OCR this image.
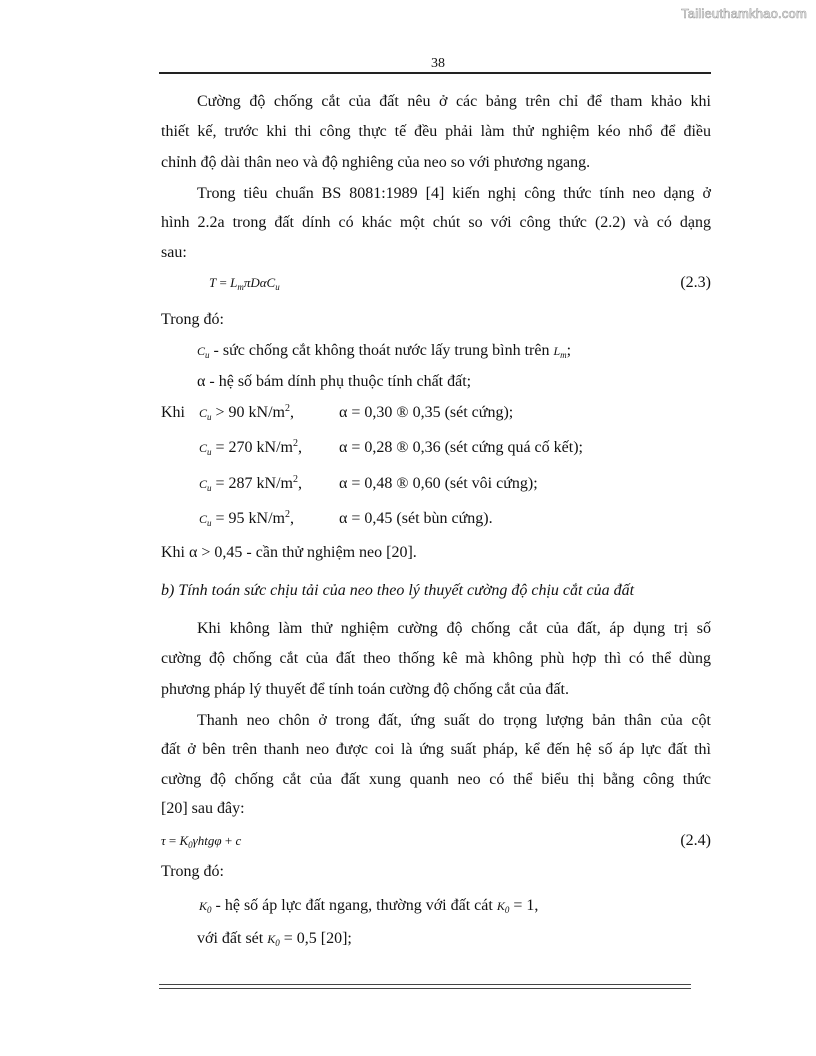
Tailieuthamkhao.com
38
Cường độ chống cắt của đất nêu ở các bảng trên chỉ để tham khảo khi
thiết kế, trước khi thi công thực tế đều phải làm thử nghiệm kéo nhổ để điều
chỉnh độ dài thân neo và độ nghiêng của neo so với phương ngang.
Trong tiêu chuẩn BS 8081:1989 [4] kiến nghị công thức tính neo dạng ở
hình 2.2a trong đất dính có khác một chút so với công thức (2.2) và có dạng
sau:
$T = L_m\pi D\alpha C_u$	(2.3)
Trong đó:
Cu - sức chống cắt không thoát nước lấy trung bình trên Lm;
α - hệ số bám dính phụ thuộc tính chất đất;
Khi Cu > 90 $kN/m^2$,	α = 0,30 ® 0,35 (sét cứng);
Cu = 270 $kN/m^2$, α = 0,28 ® 0,36 (sét cứng quá cố kết);
Cu = 287 $kN/m^2$, α = 0,48 ® 0,60 (sét vôi cứng);
Cu = 95 $kN/m^2$,	α = 0,45 (sét bùn cứng).
Khi α > 0,45 - cần thử nghiệm neo [20].
b) Tính toán sức chịu tải của neo theo lý thuyết cường độ chịu cắt của đất
Khi không làm thử nghiệm cường độ chống cắt của đất, áp dụng trị số
cường độ chống cắt của đất theo thống kê mà không phù hợp thì có thể dùng
phương pháp lý thuyết để tính toán cường độ chống cắt của đất.
Thanh neo chôn ở trong đất, ứng suất do trọng lượng bản thân của cột
đất ở bên trên thanh neo được coi là ứng suất pháp, kể đến hệ số áp lực đất thì
cường độ chống cắt của đất xung quanh neo có thể biểu thị bằng công thức
[20] sau đây:
$\tau = K_0\gamma htg\varphi + c$	(2.4)
Trong đó:
K0 - hệ số áp lực đất ngang, thường với đất cát K0 = 1,
với đất sét K0 = 0,5 [20];
